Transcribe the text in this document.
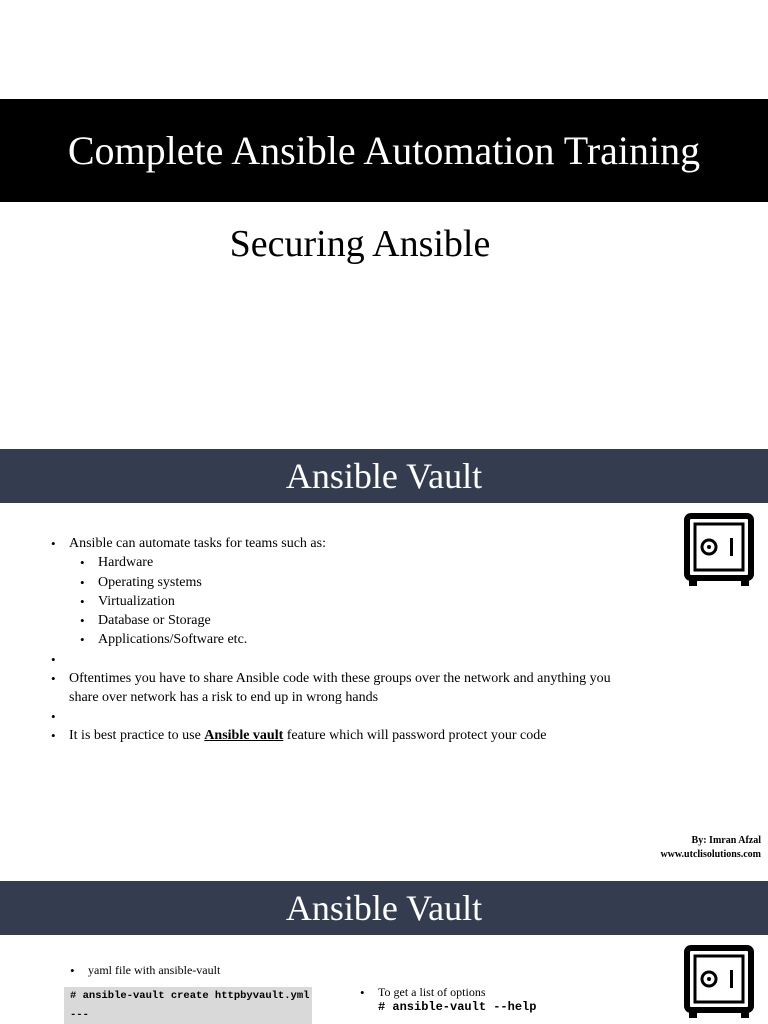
Complete Ansible Automation Training
Securing Ansible
Ansible Vault
• Ansible can automate tasks for teams such as:
• Hardware
• Operating systems
• Virtualization
• Database or Storage
• Applications/Software etc.
•
• Oftentimes you have to share Ansible code with these groups over the network and anything you share over network has a risk to end up in wrong hands
•
• It is best practice to use Ansible vault feature which will password protect your code
By: Imran Afzal
www.utclisolutions.com
Ansible Vault
• yaml file with ansible-vault
# ansible-vault create httpbyvault.yml
---
• To get a list of options
# ansible-vault --help
